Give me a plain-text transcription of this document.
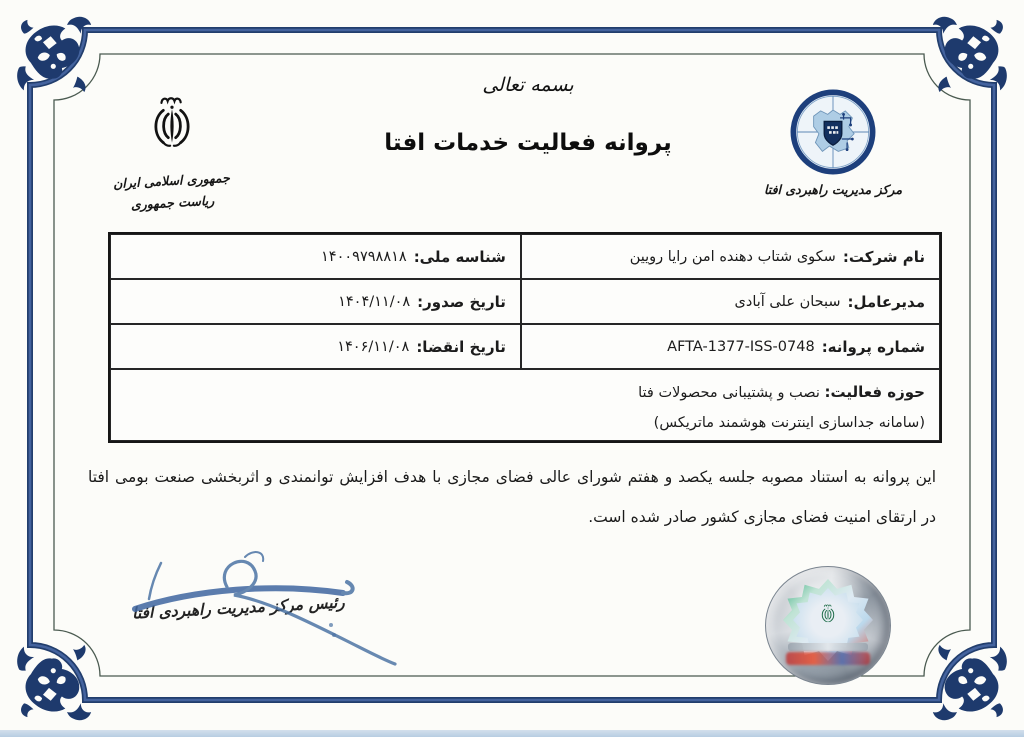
بسمه تعالی
پروانه فعالیت خدمات افتا
جمهوری اسلامی ایران
ریاست جمهوری
مرکز مدیریت راهبردی افتا
نام شرکت:
سکوی شتاب دهنده امن رایا رویین
شناسه ملی:
۱۴۰۰۹۷۹۸۸۱۸
مدیرعامل:
سبحان علی آبادی
تاریخ صدور:
۱۴۰۴/۱۱/۰۸
شماره پروانه:
AFTA-1377-ISS-0748
تاریخ انقضا:
۱۴۰۶/۱۱/۰۸
حوزه فعالیت: نصب و پشتیبانی محصولات فتا
(سامانه جداسازی اینترنت هوشمند ماتریکس)
این پروانه به استناد مصوبه جلسه یکصد و هفتم شورای عالی فضای مجازی با هدف افزایش توانمندی و اثربخشی صنعت بومی افتا
در ارتقای امنیت فضای مجازی کشور صادر شده است.
رئیس مرکز مدیریت راهبردی افتا
